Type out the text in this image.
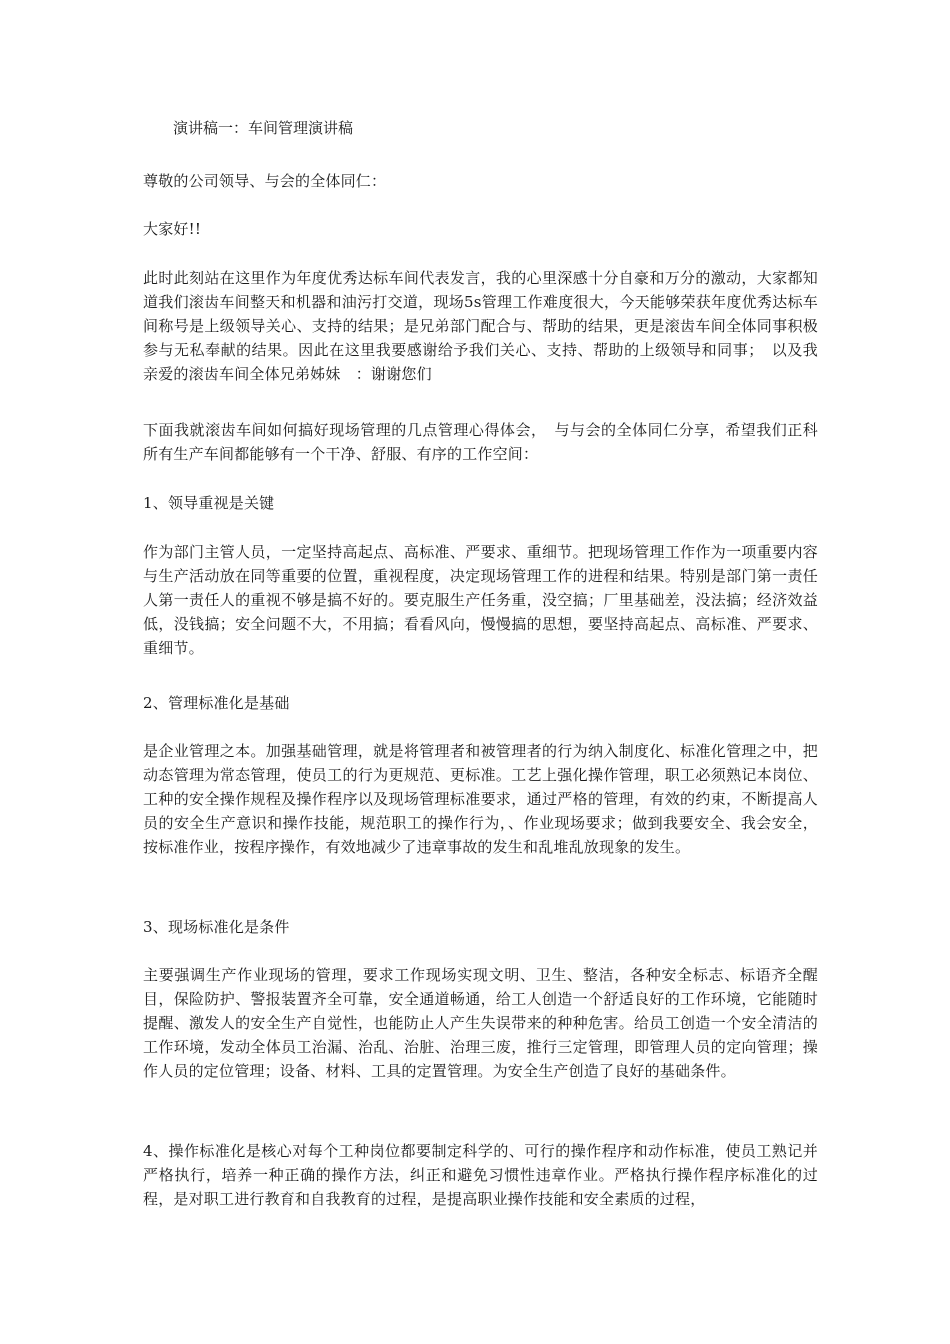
演讲稿一：车间管理演讲稿

尊敬的公司领导、与会的全体同仁：

大家好!!

此时此刻站在这里作为年度优秀达标车间代表发言，我的心里深感十分自豪和万分的激动，大家都知道我们滚齿车间整天和机器和油污打交道，现场5s管理工作难度很大，今天能够荣获年度优秀达标车间称号是上级领导关心、支持的结果；是兄弟部门配合与、帮助的结果，更是滚齿车间全体同事积极参与无私奉献的结果。因此在这里我要感谢给予我们关心、支持、帮助的上级领导和同事；　以及我亲爱的滚齿车间全体兄弟姊妹　：谢谢您们

下面我就滚齿车间如何搞好现场管理的几点管理心得体会，　与与会的全体同仁分享，希望我们正科所有生产车间都能够有一个干净、舒服、有序的工作空间：

1、领导重视是关键

作为部门主管人员，一定坚持高起点、高标准、严要求、重细节。把现场管理工作作为一项重要内容与生产活动放在同等重要的位置，重视程度，决定现场管理工作的进程和结果。特别是部门第一责任人第一责任人的重视不够是搞不好的。要克服生产任务重，没空搞；厂里基础差，没法搞；经济效益低，没钱搞；安全问题不大，不用搞；看看风向，慢慢搞的思想，要坚持高起点、高标准、严要求、重细节。

2、管理标准化是基础

是企业管理之本。加强基础管理，就是将管理者和被管理者的行为纳入制度化、标准化管理之中，把动态管理为常态管理，使员工的行为更规范、更标准。工艺上强化操作管理，职工必须熟记本岗位、工种的安全操作规程及操作程序以及现场管理标准要求，通过严格的管理，有效的约束，不断提高人员的安全生产意识和操作技能，规范职工的操作行为，、作业现场要求；做到我要安全、我会安全，按标准作业，按程序操作，有效地减少了违章事故的发生和乱堆乱放现象的发生。

3、现场标准化是条件

主要强调生产作业现场的管理，要求工作现场实现文明、卫生、整洁，各种安全标志、标语齐全醒目，保险防护、警报装置齐全可靠，安全通道畅通，给工人创造一个舒适良好的工作环境，它能随时提醒、激发人的安全生产自觉性，也能防止人产生失误带来的种种危害。给员工创造一个安全清洁的工作环境，发动全体员工治漏、治乱、治脏、治理三废，推行三定管理，即管理人员的定向管理；操作人员的定位管理；设备、材料、工具的定置管理。为安全生产创造了良好的基础条件。

4、操作标准化是核心对每个工种岗位都要制定科学的、可行的操作程序和动作标准，使员工熟记并严格执行，培养一种正确的操作方法，纠正和避免习惯性违章作业。严格执行操作程序标准化的过程，是对职工进行教育和自我教育的过程，是提高职业操作技能和安全素质的过程，
